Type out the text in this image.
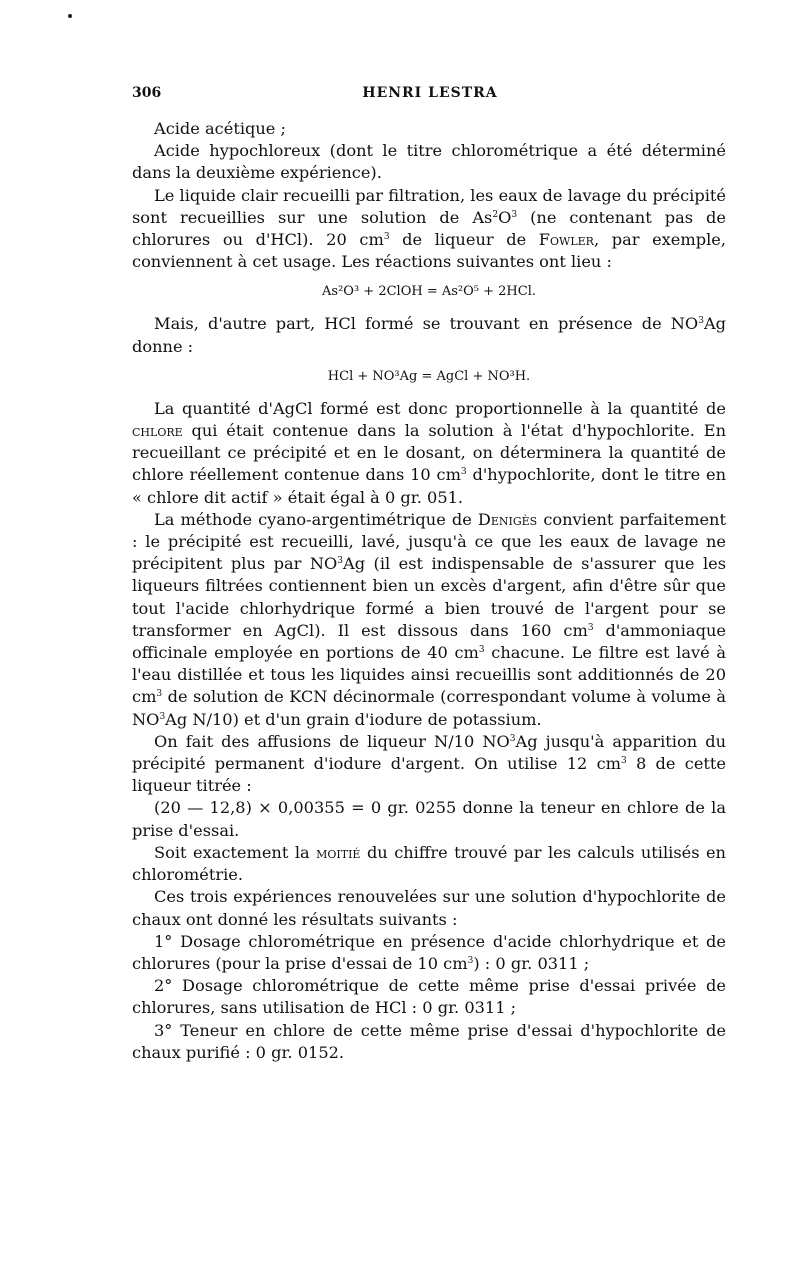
306	HENRI LESTRA

Acide acétique ;

Acide hypochloreux (dont le titre chlorométrique a été déterminé dans la deuxième expérience).

Le liquide clair recueilli par filtration, les eaux de lavage du précipité sont recueillies sur une solution de $As^2O^3$ (ne contenant pas de chlorures ou d'HCl). 20 $cm^3$ de liqueur de Fowler, par exemple, conviennent à cet usage. Les réactions suivantes ont lieu :

As²O³ + 2ClOH = As²O⁵ + 2HCl.

Mais, d'autre part, HCl formé se trouvant en présence de $NO^3Ag$ donne :

HCl + NO³Ag = AgCl + NO³H.

La quantité d'AgCl formé est donc proportionnelle à la quantité de chlore qui était contenue dans la solution à l'état d'hypochlorite. En recueillant ce précipité et en le dosant, on déterminera la quantité de chlore réellement contenue dans 10 $cm^3$ d'hypochlorite, dont le titre en « chlore dit actif » était égal à 0 gr. 051.

La méthode cyano-argentimétrique de Denigès convient parfaitement : le précipité est recueilli, lavé, jusqu'à ce que les eaux de lavage ne précipitent plus par $NO^3Ag$ (il est indispensable de s'assurer que les liqueurs filtrées contiennent bien un excès d'argent, afin d'être sûr que tout l'acide chlorhydrique formé a bien trouvé de l'argent pour se transformer en AgCl). Il est dissous dans 160 $cm^3$ d'ammoniaque officinale employée en portions de 40 $cm^3$ chacune. Le filtre est lavé à l'eau distillée et tous les liquides ainsi recueillis sont additionnés de 20 $cm^3$ de solution de KCN décinormale (correspondant volume à volume à $NO^3Ag$ N/10) et d'un grain d'iodure de potassium.

On fait des affusions de liqueur N/10 $NO^3Ag$ jusqu'à apparition du précipité permanent d'iodure d'argent. On utilise 12 $cm^3$ 8 de cette liqueur titrée :

(20 — 12,8) × 0,00355 = 0 gr. 0255 donne la teneur en chlore de la prise d'essai.

Soit exactement la moitié du chiffre trouvé par les calculs utilisés en chlorométrie.

Ces trois expériences renouvelées sur une solution d'hypochlorite de chaux ont donné les résultats suivants :

1° Dosage chlorométrique en présence d'acide chlorhydrique et de chlorures (pour la prise d'essai de 10 $cm^3$) : 0 gr. 0311 ;

2° Dosage chlorométrique de cette même prise d'essai privée de chlorures, sans utilisation de HCl : 0 gr. 0311 ;

3° Teneur en chlore de cette même prise d'essai d'hypochlorite de chaux purifié : 0 gr. 0152.
